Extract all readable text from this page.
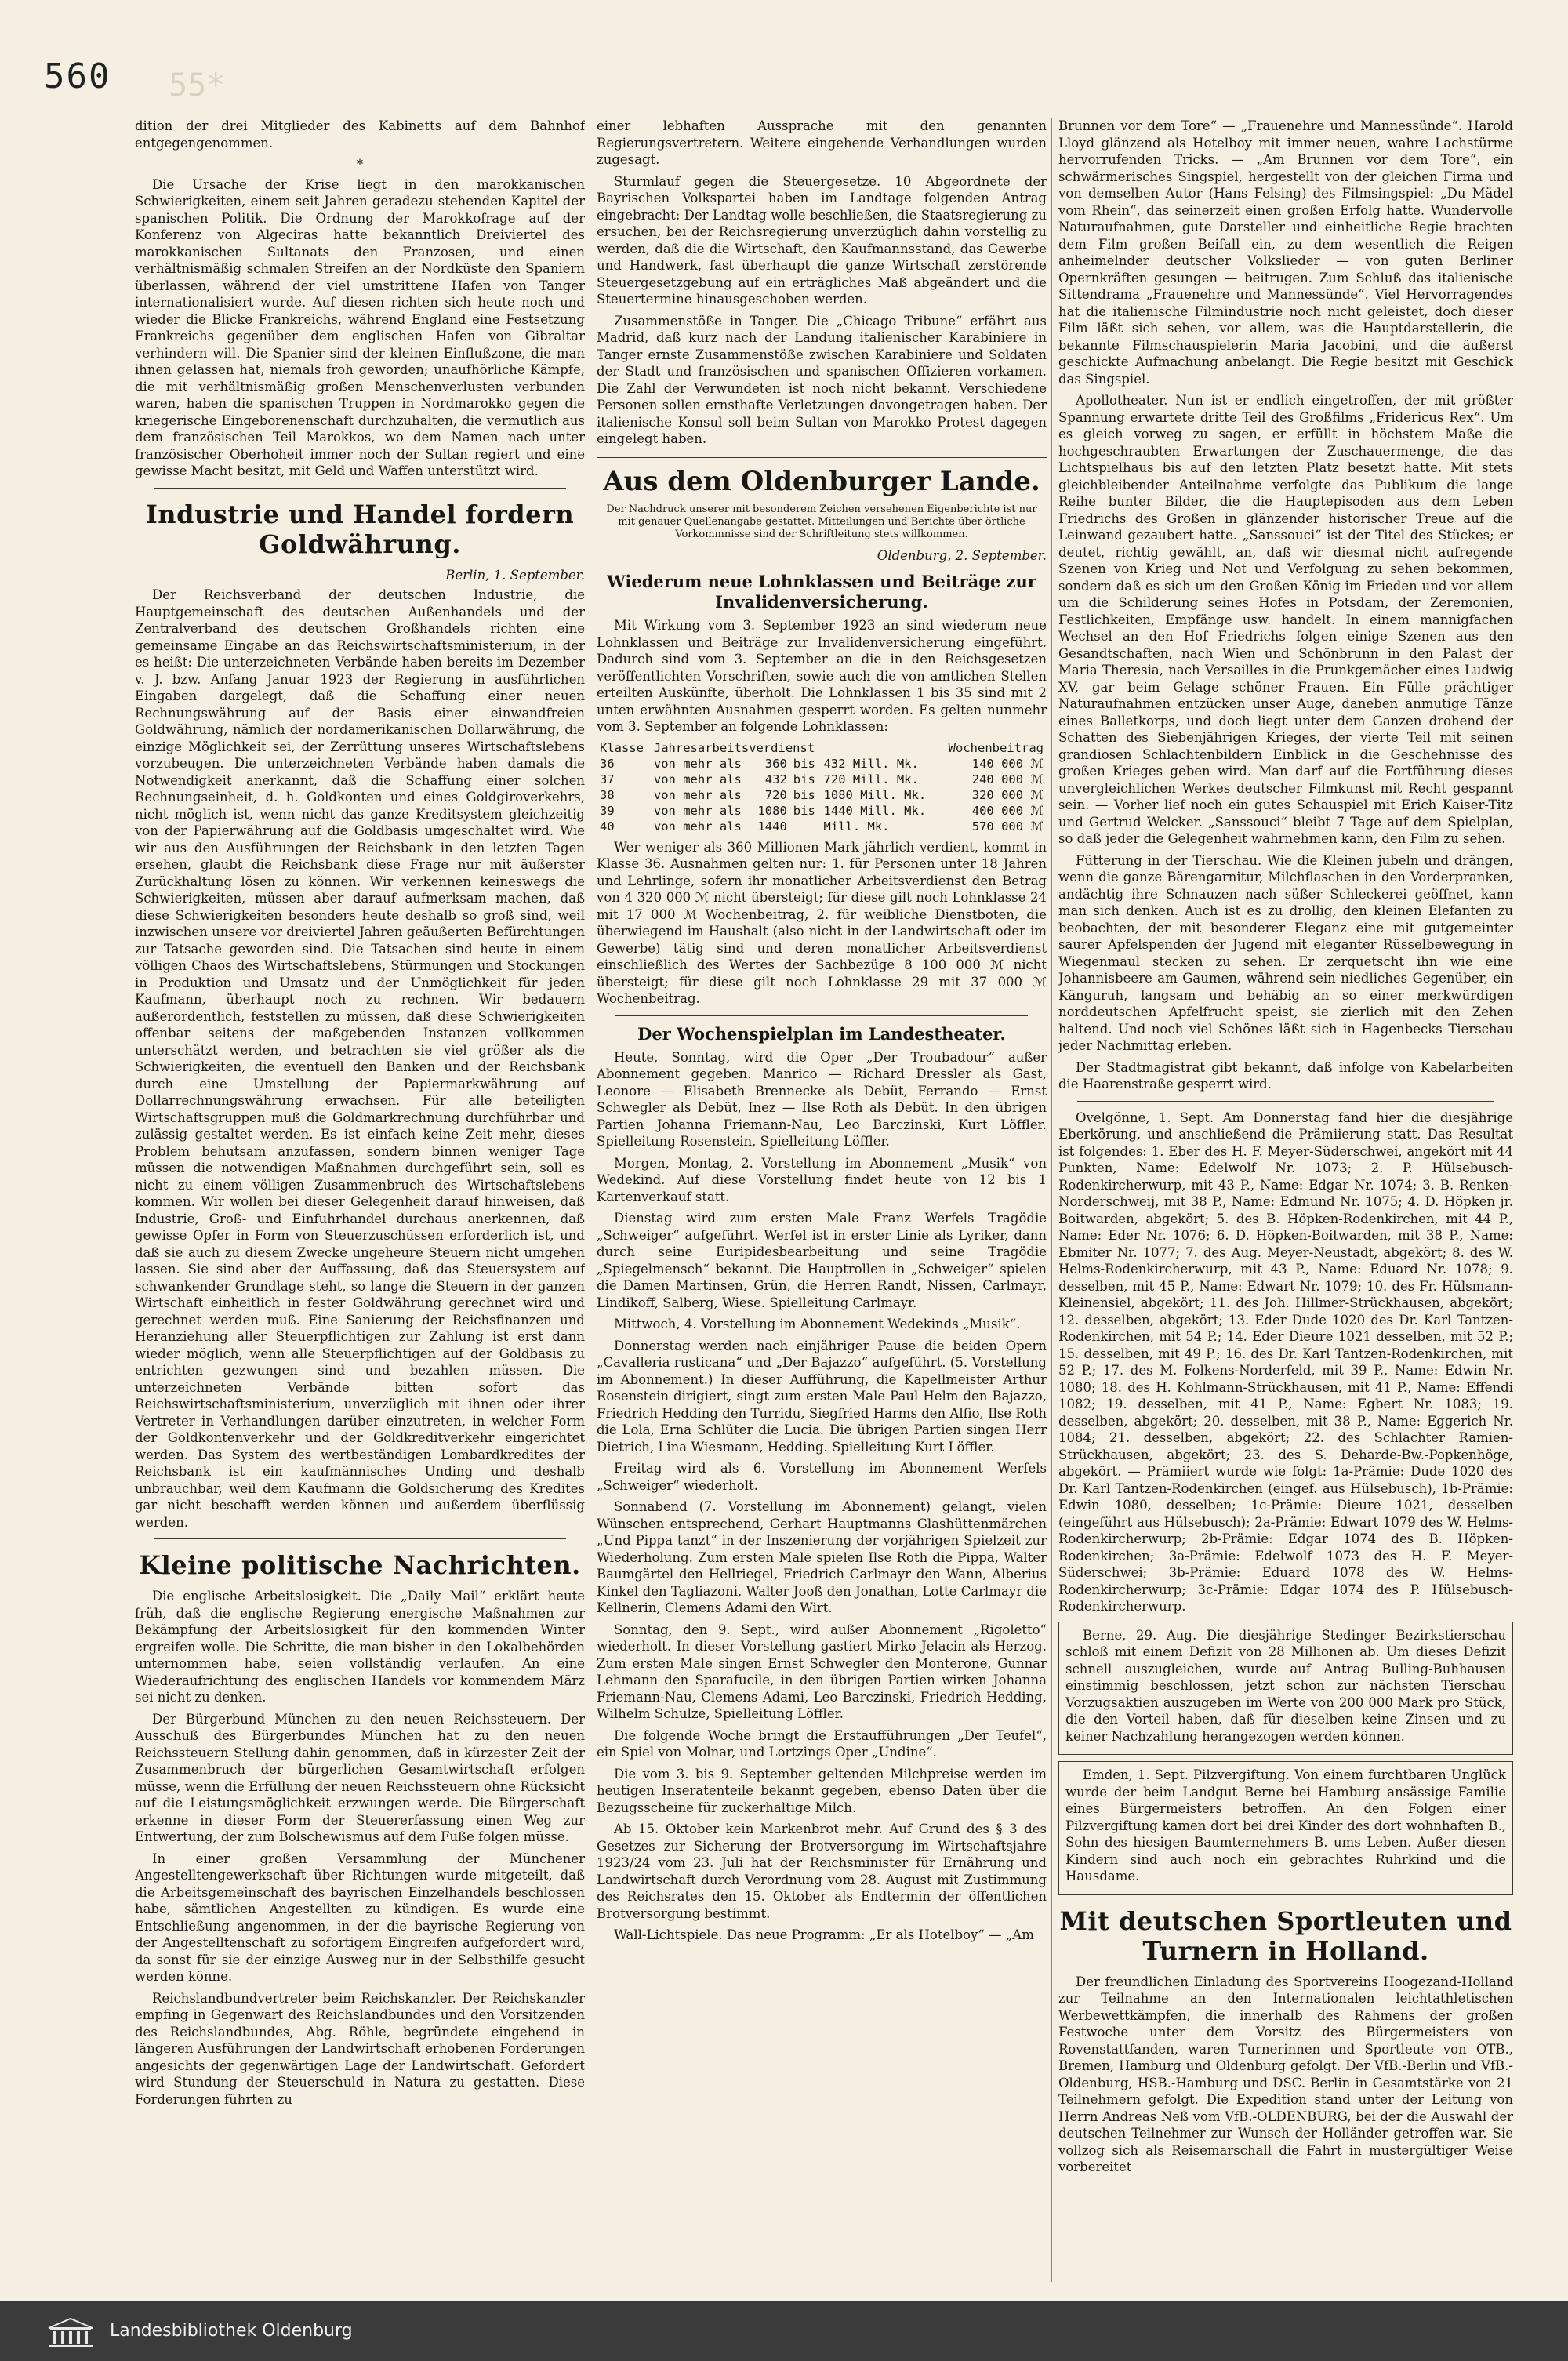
560 55*

dition der drei Mitglieder des Kabinetts auf dem Bahnhof entgegengenommen.

*

Die Ursache der Krise liegt in den marokkanischen Schwierigkeiten, einem seit Jahren geradezu stehenden Kapitel der spanischen Politik. Die Ordnung der Marokkofrage auf der Konferenz von Algeciras hatte bekanntlich Dreiviertel des marokkanischen Sultanats den Franzosen, und einen verhältnismäßig schmalen Streifen an der Nordküste den Spaniern überlassen, während der viel umstrittene Hafen von Tanger internationalisiert wurde. Auf diesen richten sich heute noch und wieder die Blicke Frankreichs, während England eine Festsetzung Frankreichs gegenüber dem englischen Hafen von Gibraltar verhindern will. Die Spanier sind der kleinen Einflußzone, die man ihnen gelassen hat, niemals froh geworden; unaufhörliche Kämpfe, die mit verhältnismäßig großen Menschenverlusten verbunden waren, haben die spanischen Truppen in Nordmarokko gegen die kriegerische Eingeborenenschaft durchzuhalten, die vermutlich aus dem französischen Teil Marokkos, wo dem Namen nach unter französischer Oberhoheit immer noch der Sultan regiert und eine gewisse Macht besitzt, mit Geld und Waffen unterstützt wird.

Industrie und Handel fordern Goldwährung.
Berlin, 1. September.

Der Reichsverband der deutschen Industrie, die Hauptgemeinschaft des deutschen Außenhandels und der Zentralverband des deutschen Großhandels richten eine gemeinsame Eingabe an das Reichswirtschaftsministerium, in der es heißt: Die unterzeichneten Verbände haben bereits im Dezember v. J. bzw. Anfang Januar 1923 der Regierung in ausführlichen Eingaben dargelegt, daß die Schaffung einer neuen Rechnungswährung auf der Basis einer einwandfreien Goldwährung, nämlich der nordamerikanischen Dollarwährung, die einzige Möglichkeit sei, der Zerrüttung unseres Wirtschaftslebens vorzubeugen. Die unterzeichneten Verbände haben damals die Notwendigkeit anerkannt, daß die Schaffung einer solchen Rechnungseinheit, d. h. Goldkonten und eines Goldgiroverkehrs, nicht möglich ist, wenn nicht das ganze Kreditsystem gleichzeitig von der Papierwährung auf die Goldbasis umgeschaltet wird. Wie wir aus den Ausführungen der Reichsbank in den letzten Tagen ersehen, glaubt die Reichsbank diese Frage nur mit äußerster Zurückhaltung lösen zu können. Wir verkennen keineswegs die Schwierigkeiten, müssen aber darauf aufmerksam machen, daß diese Schwierigkeiten besonders heute deshalb so groß sind, weil inzwischen unsere vor dreiviertel Jahren geäußerten Befürchtungen zur Tatsache geworden sind. Die Tatsachen sind heute in einem völligen Chaos des Wirtschaftslebens, Stürmungen und Stockungen in Produktion und Umsatz und der Unmöglichkeit für jeden Kaufmann, überhaupt noch zu rechnen. Wir bedauern außerordentlich, feststellen zu müssen, daß diese Schwierigkeiten offenbar seitens der maßgebenden Instanzen vollkommen unterschätzt werden, und betrachten sie viel größer als die Schwierigkeiten, die eventuell den Banken und der Reichsbank durch eine Umstellung der Papiermarkwährung auf Dollarrechnungswährung erwachsen. Für alle beteiligten Wirtschaftsgruppen muß die Goldmarkrechnung durchführbar und zulässig gestaltet werden. Es ist einfach keine Zeit mehr, dieses Problem behutsam anzufassen, sondern binnen weniger Tage müssen die notwendigen Maßnahmen durchgeführt sein, soll es nicht zu einem völligen Zusammenbruch des Wirtschaftslebens kommen. Wir wollen bei dieser Gelegenheit darauf hinweisen, daß Industrie, Groß- und Einfuhrhandel durchaus anerkennen, daß gewisse Opfer in Form von Steuerzuschüssen erforderlich ist, und daß sie auch zu diesem Zwecke ungeheure Steuern nicht umgehen lassen. Sie sind aber der Auffassung, daß das Steuersystem auf schwankender Grundlage steht, so lange die Steuern in der ganzen Wirtschaft einheitlich in fester Goldwährung gerechnet wird und gerechnet werden muß. Eine Sanierung der Reichsfinanzen und Heranziehung aller Steuerpflichtigen zur Zahlung ist erst dann wieder möglich, wenn alle Steuerpflichtigen auf der Goldbasis zu entrichten gezwungen sind und bezahlen müssen. Die unterzeichneten Verbände bitten sofort das Reichswirtschaftsministerium, unverzüglich mit ihnen oder ihrer Vertreter in Verhandlungen darüber einzutreten, in welcher Form der Goldkontenverkehr und der Goldkreditverkehr eingerichtet werden. Das System des wertbeständigen Lombardkredites der Reichsbank ist ein kaufmännisches Unding und deshalb unbrauchbar, weil dem Kaufmann die Goldsicherung des Kredites gar nicht beschafft werden können und außerdem überflüssig werden.

Kleine politische Nachrichten.

Die englische Arbeitslosigkeit. Die „Daily Mail“ erklärt heute früh, daß die englische Regierung energische Maßnahmen zur Bekämpfung der Arbeitslosigkeit für den kommenden Winter ergreifen wolle. Die Schritte, die man bisher in den Lokalbehörden unternommen habe, seien vollständig verlaufen. An eine Wiederaufrichtung des englischen Handels vor kommendem März sei nicht zu denken.

Der Bürgerbund München zu den neuen Reichssteuern. Der Ausschuß des Bürgerbundes München hat zu den neuen Reichssteuern Stellung dahin genommen, daß in kürzester Zeit der Zusammenbruch der bürgerlichen Gesamtwirtschaft erfolgen müsse, wenn die Erfüllung der neuen Reichssteuern ohne Rücksicht auf die Leistungsmöglichkeit erzwungen werde. Die Bürgerschaft erkenne in dieser Form der Steuererfassung einen Weg zur Entwertung, der zum Bolschewismus auf dem Fuße folgen müsse.

In einer großen Versammlung der Münchener Angestelltengewerkschaft über Richtungen wurde mitgeteilt, daß die Arbeitsgemeinschaft des bayrischen Einzelhandels beschlossen habe, sämtlichen Angestellten zu kündigen. Es wurde eine Entschließung angenommen, in der die bayrische Regierung von der Angestelltenschaft zu sofortigem Eingreifen aufgefordert wird, da sonst für sie der einzige Ausweg nur in der Selbsthilfe gesucht werden könne.

Reichslandbundvertreter beim Reichskanzler. Der Reichskanzler empfing in Gegenwart des Reichslandbundes und den Vorsitzenden des Reichslandbundes, Abg. Röhle, begründete eingehend in längeren Ausführungen der Landwirtschaft erhobenen Forderungen angesichts der gegenwärtigen Lage der Landwirtschaft. Gefordert wird Stundung der Steuerschuld in Natura zu gestatten. Diese Forderungen führten zu

einer lebhaften Aussprache mit den genannten Regierungsvertretern. Weitere eingehende Verhandlungen wurden zugesagt.

Sturmlauf gegen die Steuergesetze. 10 Abgeordnete der Bayrischen Volkspartei haben im Landtage folgenden Antrag eingebracht: Der Landtag wolle beschließen, die Staatsregierung zu ersuchen, bei der Reichsregierung unverzüglich dahin vorstellig zu werden, daß die die Wirtschaft, den Kaufmannsstand, das Gewerbe und Handwerk, fast überhaupt die ganze Wirtschaft zerstörende Steuergesetzgebung auf ein erträgliches Maß abgeändert und die Steuertermine hinausgeschoben werden.

Zusammenstöße in Tanger. Die „Chicago Tribune“ erfährt aus Madrid, daß kurz nach der Landung italienischer Karabiniere in Tanger ernste Zusammenstöße zwischen Karabiniere und Soldaten der Stadt und französischen und spanischen Offizieren vorkamen. Die Zahl der Verwundeten ist noch nicht bekannt. Verschiedene Personen sollen ernsthafte Verletzungen davongetragen haben. Der italienische Konsul soll beim Sultan von Marokko Protest dagegen eingelegt haben.

Aus dem Oldenburger Lande.
Der Nachdruck unserer mit besonderem Zeichen versehenen Eigenberichte ist nur mit genauer Quellenangabe gestattet. Mitteilungen und Berichte über örtliche Vorkommnisse sind der Schriftleitung stets willkommen.
Oldenburg, 2. September.
Wiederum neue Lohnklassen und Beiträge zur Invalidenversicherung.

Mit Wirkung vom 3. September 1923 an sind wiederum neue Lohnklassen und Beiträge zur Invalidenversicherung eingeführt. Dadurch sind vom 3. September an die in den Reichsgesetzen veröffentlichten Vorschriften, sowie auch die von amtlichen Stellen erteilten Auskünfte, überholt. Die Lohnklassen 1 bis 35 sind mit 2 unten erwähnten Ausnahmen gesperrt worden. Es gelten nunmehr vom 3. September an folgende Lohnklassen:

Klasse	Jahresarbeitsverdienst				Wochenbeitrag
36	von mehr als	360	bis	432 Mill. Mk.	140 000 ℳ
37	von mehr als	432	bis	720 Mill. Mk.	240 000 ℳ
38	von mehr als	720	bis	1080 Mill. Mk.	320 000 ℳ
39	von mehr als	1080	bis	1440 Mill. Mk.	400 000 ℳ
40	von mehr als	1440		Mill. Mk.	570 000 ℳ

Wer weniger als 360 Millionen Mark jährlich verdient, kommt in Klasse 36. Ausnahmen gelten nur: 1. für Personen unter 18 Jahren und Lehrlinge, sofern ihr monatlicher Arbeitsverdienst den Betrag von 4 320 000 ℳ nicht übersteigt; für diese gilt noch Lohnklasse 24 mit 17 000 ℳ Wochenbeitrag, 2. für weibliche Dienstboten, die überwiegend im Haushalt (also nicht in der Landwirtschaft oder im Gewerbe) tätig sind und deren monatlicher Arbeitsverdienst einschließlich des Wertes der Sachbezüge 8 100 000 ℳ nicht übersteigt; für diese gilt noch Lohnklasse 29 mit 37 000 ℳ Wochenbeitrag.

Der Wochenspielplan im Landestheater.

Heute, Sonntag, wird die Oper „Der Troubadour“ außer Abonnement gegeben. Manrico — Richard Dressler als Gast, Leonore — Elisabeth Brennecke als Debüt, Ferrando — Ernst Schwegler als Debüt, Inez — Ilse Roth als Debüt. In den übrigen Partien Johanna Friemann-Nau, Leo Barczinski, Kurt Löffler. Spielleitung Rosenstein, Spielleitung Löffler.

Morgen, Montag, 2. Vorstellung im Abonnement „Musik“ von Wedekind. Auf diese Vorstellung findet heute von 12 bis 1 Kartenverkauf statt.

Dienstag wird zum ersten Male Franz Werfels Tragödie „Schweiger“ aufgeführt. Werfel ist in erster Linie als Lyriker, dann durch seine Euripidesbearbeitung und seine Tragödie „Spiegelmensch“ bekannt. Die Hauptrollen in „Schweiger“ spielen die Damen Martinsen, Grün, die Herren Randt, Nissen, Carlmayr, Lindikoff, Salberg, Wiese. Spielleitung Carlmayr.

Mittwoch, 4. Vorstellung im Abonnement Wedekinds „Musik“.

Donnerstag werden nach einjähriger Pause die beiden Opern „Cavalleria rusticana“ und „Der Bajazzo“ aufgeführt. (5. Vorstellung im Abonnement.) In dieser Aufführung, die Kapellmeister Arthur Rosenstein dirigiert, singt zum ersten Male Paul Helm den Bajazzo, Friedrich Hedding den Turridu, Siegfried Harms den Alfio, Ilse Roth die Lola, Erna Schlüter die Lucia. Die übrigen Partien singen Herr Dietrich, Lina Wiesmann, Hedding. Spielleitung Kurt Löffler.

Freitag wird als 6. Vorstellung im Abonnement Werfels „Schweiger“ wiederholt.

Sonnabend (7. Vorstellung im Abonnement) gelangt, vielen Wünschen entsprechend, Gerhart Hauptmanns Glashüttenmärchen „Und Pippa tanzt“ in der Inszenierung der vorjährigen Spielzeit zur Wiederholung. Zum ersten Male spielen Ilse Roth die Pippa, Walter Baumgärtel den Hellriegel, Friedrich Carlmayr den Wann, Alberius Kinkel den Tagliazoni, Walter Jooß den Jonathan, Lotte Carlmayr die Kellnerin, Clemens Adami den Wirt.

Sonntag, den 9. Sept., wird außer Abonnement „Rigoletto“ wiederholt. In dieser Vorstellung gastiert Mirko Jelacin als Herzog. Zum ersten Male singen Ernst Schwegler den Monterone, Gunnar Lehmann den Sparafucile, in den übrigen Partien wirken Johanna Friemann-Nau, Clemens Adami, Leo Barczinski, Friedrich Hedding, Wilhelm Schulze, Spielleitung Löffler.

Die folgende Woche bringt die Erstaufführungen „Der Teufel“, ein Spiel von Molnar, und Lortzings Oper „Undine“.

Die vom 3. bis 9. September geltenden Milchpreise werden im heutigen Inseratenteile bekannt gegeben, ebenso Daten über die Bezugsscheine für zuckerhaltige Milch.

Ab 15. Oktober kein Markenbrot mehr. Auf Grund des § 3 des Gesetzes zur Sicherung der Brotversorgung im Wirtschaftsjahre 1923/24 vom 23. Juli hat der Reichsminister für Ernährung und Landwirtschaft durch Verordnung vom 28. August mit Zustimmung des Reichsrates den 15. Oktober als Endtermin der öffentlichen Brotversorgung bestimmt.

Wall-Lichtspiele. Das neue Programm: „Er als Hotelboy“ — „Am

Brunnen vor dem Tore“ — „Frauenehre und Mannessünde“. Harold Lloyd glänzend als Hotelboy mit immer neuen, wahre Lachstürme hervorrufenden Tricks. — „Am Brunnen vor dem Tore“, ein schwärmerisches Singspiel, hergestellt von der gleichen Firma und von demselben Autor (Hans Felsing) des Filmsingspiel: „Du Mädel vom Rhein“, das seinerzeit einen großen Erfolg hatte. Wundervolle Naturaufnahmen, gute Darsteller und einheitliche Regie brachten dem Film großen Beifall ein, zu dem wesentlich die Reigen anheimelnder deutscher Volkslieder — von guten Berliner Opernkräften gesungen — beitrugen. Zum Schluß das italienische Sittendrama „Frauenehre und Mannessünde“. Viel Hervorragendes hat die italienische Filmindustrie noch nicht geleistet, doch dieser Film läßt sich sehen, vor allem, was die Hauptdarstellerin, die bekannte Filmschauspielerin Maria Jacobini, und die äußerst geschickte Aufmachung anbelangt. Die Regie besitzt mit Geschick das Singspiel.

Apollotheater. Nun ist er endlich eingetroffen, der mit größter Spannung erwartete dritte Teil des Großfilms „Fridericus Rex“. Um es gleich vorweg zu sagen, er erfüllt in höchstem Maße die hochgeschraubten Erwartungen der Zuschauermenge, die das Lichtspielhaus bis auf den letzten Platz besetzt hatte. Mit stets gleichbleibender Anteilnahme verfolgte das Publikum die lange Reihe bunter Bilder, die die Hauptepisoden aus dem Leben Friedrichs des Großen in glänzender historischer Treue auf die Leinwand gezaubert hatte. „Sanssouci“ ist der Titel des Stückes; er deutet, richtig gewählt, an, daß wir diesmal nicht aufregende Szenen von Krieg und Not und Verfolgung zu sehen bekommen, sondern daß es sich um den Großen König im Frieden und vor allem um die Schilderung seines Hofes in Potsdam, der Zeremonien, Festlichkeiten, Empfänge usw. handelt. In einem mannigfachen Wechsel an den Hof Friedrichs folgen einige Szenen aus den Gesandtschaften, nach Wien und Schönbrunn in den Palast der Maria Theresia, nach Versailles in die Prunkgemächer eines Ludwig XV, gar beim Gelage schöner Frauen. Ein Fülle prächtiger Naturaufnahmen entzücken unser Auge, daneben anmutige Tänze eines Balletkorps, und doch liegt unter dem Ganzen drohend der Schatten des Siebenjährigen Krieges, der vierte Teil mit seinen grandiosen Schlachtenbildern Einblick in die Geschehnisse des großen Krieges geben wird. Man darf auf die Fortführung dieses unvergleichlichen Werkes deutscher Filmkunst mit Recht gespannt sein. — Vorher lief noch ein gutes Schauspiel mit Erich Kaiser-Titz und Gertrud Welcker. „Sanssouci“ bleibt 7 Tage auf dem Spielplan, so daß jeder die Gelegenheit wahrnehmen kann, den Film zu sehen.

Fütterung in der Tierschau. Wie die Kleinen jubeln und drängen, wenn die ganze Bärengarnitur, Milchflaschen in den Vorderpranken, andächtig ihre Schnauzen nach süßer Schleckerei geöffnet, kann man sich denken. Auch ist es zu drollig, den kleinen Elefanten zu beobachten, der mit besonderer Eleganz eine mit gutgemeinter saurer Apfelspenden der Jugend mit eleganter Rüsselbewegung in Wiegenmaul stecken zu sehen. Er zerquetscht ihn wie eine Johannisbeere am Gaumen, während sein niedliches Gegenüber, ein Känguruh, langsam und behäbig an so einer merkwürdigen norddeutschen Apfelfrucht speist, sie zierlich mit den Zehen haltend. Und noch viel Schönes läßt sich in Hagenbecks Tierschau jeder Nachmittag erleben.

Der Stadtmagistrat gibt bekannt, daß infolge von Kabelarbeiten die Haarenstraße gesperrt wird.

Ovelgönne, 1. Sept. Am Donnerstag fand hier die diesjährige Eberkörung, und anschließend die Prämiierung statt. Das Resultat ist folgendes: 1. Eber des H. F. Meyer-Süderschwei, angekört mit 44 Punkten, Name: Edelwolf Nr. 1073; 2. P. Hülsebusch-Rodenkircherwurp, mit 43 P., Name: Edgar Nr. 1074; 3. B. Renken-Norderschweij, mit 38 P., Name: Edmund Nr. 1075; 4. D. Höpken jr. Boitwarden, abgekört; 5. des B. Höpken-Rodenkirchen, mit 44 P., Name: Eder Nr. 1076; 6. D. Höpken-Boitwarden, mit 38 P., Name: Ebmiter Nr. 1077; 7. des Aug. Meyer-Neustadt, abgekört; 8. des W. Helms-Rodenkircherwurp, mit 43 P., Name: Eduard Nr. 1078; 9. desselben, mit 45 P., Name: Edwart Nr. 1079; 10. des Fr. Hülsmann-Kleinensiel, abgekört; 11. des Joh. Hillmer-Strückhausen, abgekört; 12. desselben, abgekört; 13. Eder Dude 1020 des Dr. Karl Tantzen-Rodenkirchen, mit 54 P.; 14. Eder Dieure 1021 desselben, mit 52 P.; 15. desselben, mit 49 P.; 16. des Dr. Karl Tantzen-Rodenkirchen, mit 52 P.; 17. des M. Folkens-Norderfeld, mit 39 P., Name: Edwin Nr. 1080; 18. des H. Kohlmann-Strückhausen, mit 41 P., Name: Effendi 1082; 19. desselben, mit 41 P., Name: Egbert Nr. 1083; 19. desselben, abgekört; 20. desselben, mit 38 P., Name: Eggerich Nr. 1084; 21. desselben, abgekört; 22. des Schlachter Ramien-Strückhausen, abgekört; 23. des S. Deharde-Bw.-Popkenhöge, abgekört. — Prämiiert wurde wie folgt: 1a-Prämie: Dude 1020 des Dr. Karl Tantzen-Rodenkirchen (eingef. aus Hülsebusch), 1b-Prämie: Edwin 1080, desselben; 1c-Prämie: Dieure 1021, desselben (eingeführt aus Hülsebusch); 2a-Prämie: Edwart 1079 des W. Helms-Rodenkircherwurp; 2b-Prämie: Edgar 1074 des B. Höpken-Rodenkirchen; 3a-Prämie: Edelwolf 1073 des H. F. Meyer-Süderschwei; 3b-Prämie: Eduard 1078 des W. Helms-Rodenkircherwurp; 3c-Prämie: Edgar 1074 des P. Hülsebusch-Rodenkircherwurp.

Berne, 29. Aug. Die diesjährige Stedinger Bezirkstierschau schloß mit einem Defizit von 28 Millionen ab. Um dieses Defizit schnell auszugleichen, wurde auf Antrag Bulling-Buhhausen einstimmig beschlossen, jetzt schon zur nächsten Tierschau Vorzugsaktien auszugeben im Werte von 200 000 Mark pro Stück, die den Vorteil haben, daß für dieselben keine Zinsen und zu keiner Nachzahlung herangezogen werden können.

Emden, 1. Sept. Pilzvergiftung. Von einem furchtbaren Unglück wurde der beim Landgut Berne bei Hamburg ansässige Familie eines Bürgermeisters betroffen. An den Folgen einer Pilzvergiftung kamen dort bei drei Kinder des dort wohnhaften B., Sohn des hiesigen Baumternehmers B. ums Leben. Außer diesen Kindern sind auch noch ein gebrachtes Ruhrkind und die Hausdame.

Mit deutschen Sportleuten und Turnern in Holland.

Der freundlichen Einladung des Sportvereins Hoogezand-Holland zur Teilnahme an den Internationalen leichtathletischen Werbewettkämpfen, die innerhalb des Rahmens der großen Festwoche unter dem Vorsitz des Bürgermeisters von Rovenstattfanden, waren Turnerinnen und Sportleute von OTB., Bremen, Hamburg und Oldenburg gefolgt. Der VfB.-Berlin und VfB.-Oldenburg, HSB.-Hamburg und DSC. Berlin in Gesamtstärke von 21 Teilnehmern gefolgt. Die Expedition stand unter der Leitung von Herrn Andreas Neß vom VfB.-OLDENBURG, bei der die Auswahl der deutschen Teilnehmer zur Wunsch der Holländer getroffen war. Sie vollzog sich als Reisemarschall die Fahrt in mustergültiger Weise vorbereitet

Landesbibliothek Oldenburg
